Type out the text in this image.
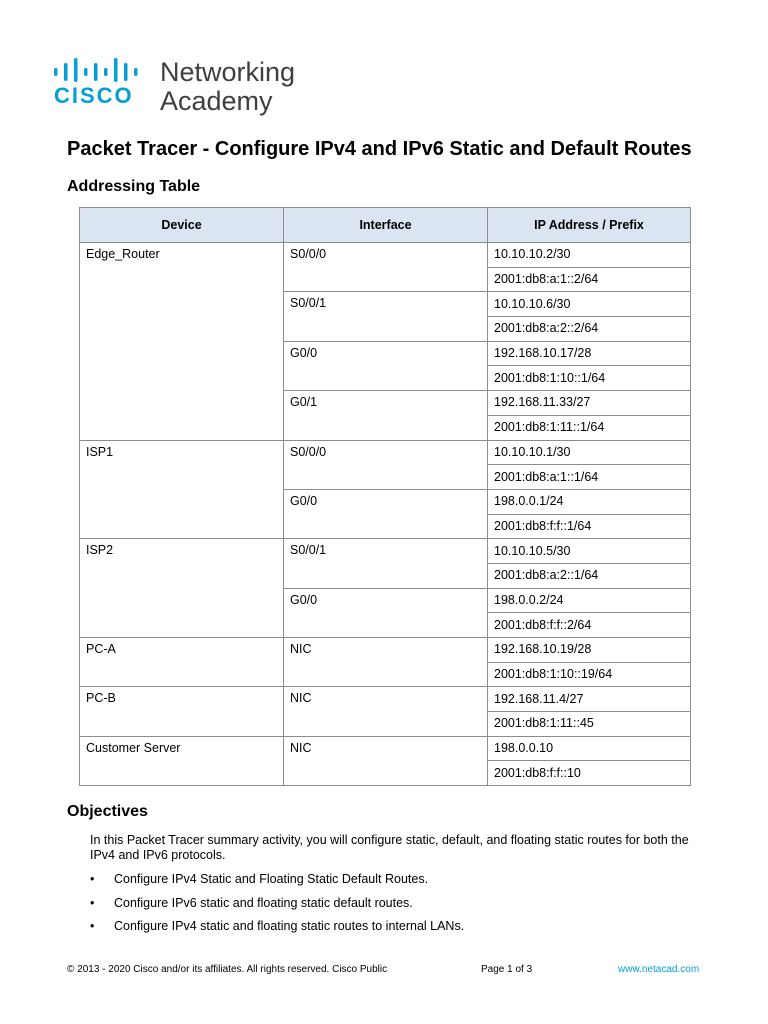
CISCO
Networking
Academy
Packet Tracer - Configure IPv4 and IPv6 Static and Default Routes
Addressing Table
Device	Interface	IP Address / Prefix
Edge_Router	S0/0/0	10.10.10.2/30
		2001:db8:a:1::2/64
	S0/0/1	10.10.10.6/30
		2001:db8:a:2::2/64
	G0/0	192.168.10.17/28
		2001:db8:1:10::1/64
	G0/1	192.168.11.33/27
		2001:db8:1:11::1/64
ISP1	S0/0/0	10.10.10.1/30
		2001:db8:a:1::1/64
	G0/0	198.0.0.1/24
		2001:db8:f:f::1/64
ISP2	S0/0/1	10.10.10.5/30
		2001:db8:a:2::1/64
	G0/0	198.0.0.2/24
		2001:db8:f:f::2/64
PC-A	NIC	192.168.10.19/28
		2001:db8:1:10::19/64
PC-B	NIC	192.168.11.4/27
		2001:db8:1:11::45
Customer Server	NIC	198.0.0.10
		2001:db8:f:f::10
Objectives
In this Packet Tracer summary activity, you will configure static, default, and floating static routes for both the IPv4 and IPv6 protocols.
• Configure IPv4 Static and Floating Static Default Routes.
• Configure IPv6 static and floating static default routes.
• Configure IPv4 static and floating static routes to internal LANs.
© 2013 - 2020 Cisco and/or its affiliates. All rights reserved. Cisco Public	Page 1 of 3	www.netacad.com
